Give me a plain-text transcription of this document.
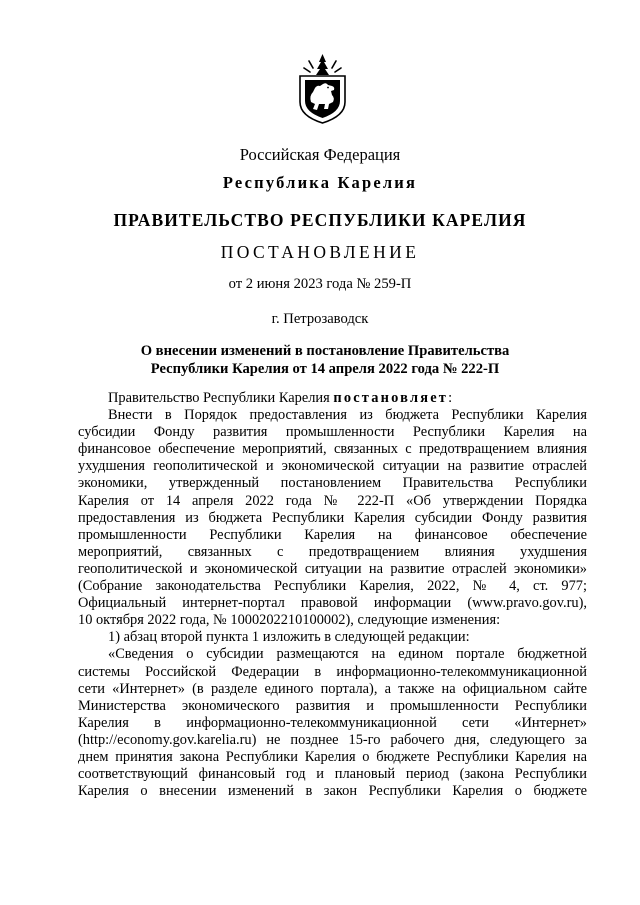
Российская Федерация
Республика Карелия
ПРАВИТЕЛЬСТВО РЕСПУБЛИКИ КАРЕЛИЯ
ПОСТАНОВЛЕНИЕ
от 2 июня 2023 года № 259-П
г. Петрозаводск
О внесении изменений в постановление Правительства
Республики Карелия от 14 апреля 2022 года № 222-П
Правительство Республики Карелия постановляет:
Внести в Порядок предоставления из бюджета Республики Карелия
субсидии Фонду развития промышленности Республики Карелия на
финансовое обеспечение мероприятий, связанных с предотвращением влияния
ухудшения геополитической и экономической ситуации на развитие отраслей
экономики, утвержденный постановлением Правительства Республики
Карелия от 14 апреля 2022 года № 222-П «Об утверждении Порядка
предоставления из бюджета Республики Карелия субсидии Фонду развития
промышленности Республики Карелия на финансовое обеспечение
мероприятий, связанных с предотвращением влияния ухудшения
геополитической и экономической ситуации на развитие отраслей экономики»
(Собрание законодательства Республики Карелия, 2022, № 4, ст. 977;
Официальный интернет-портал правовой информации (www.pravo.gov.ru),
10 октября 2022 года, № 1000202210100002), следующие изменения:
1) абзац второй пункта 1 изложить в следующей редакции:
«Сведения о субсидии размещаются на едином портале бюджетной
системы Российской Федерации в информационно-телекоммуникационной
сети «Интернет» (в разделе единого портала), а также на официальном сайте
Министерства экономического развития и промышленности Республики
Карелия в информационно-телекоммуникационной сети «Интернет»
(http://economy.gov.karelia.ru) не позднее 15-го рабочего дня, следующего за
днем принятия закона Республики Карелия о бюджете Республики Карелия на
соответствующий финансовый год и плановый период (закона Республики
Карелия о внесении изменений в закон Республики Карелия о бюджете
